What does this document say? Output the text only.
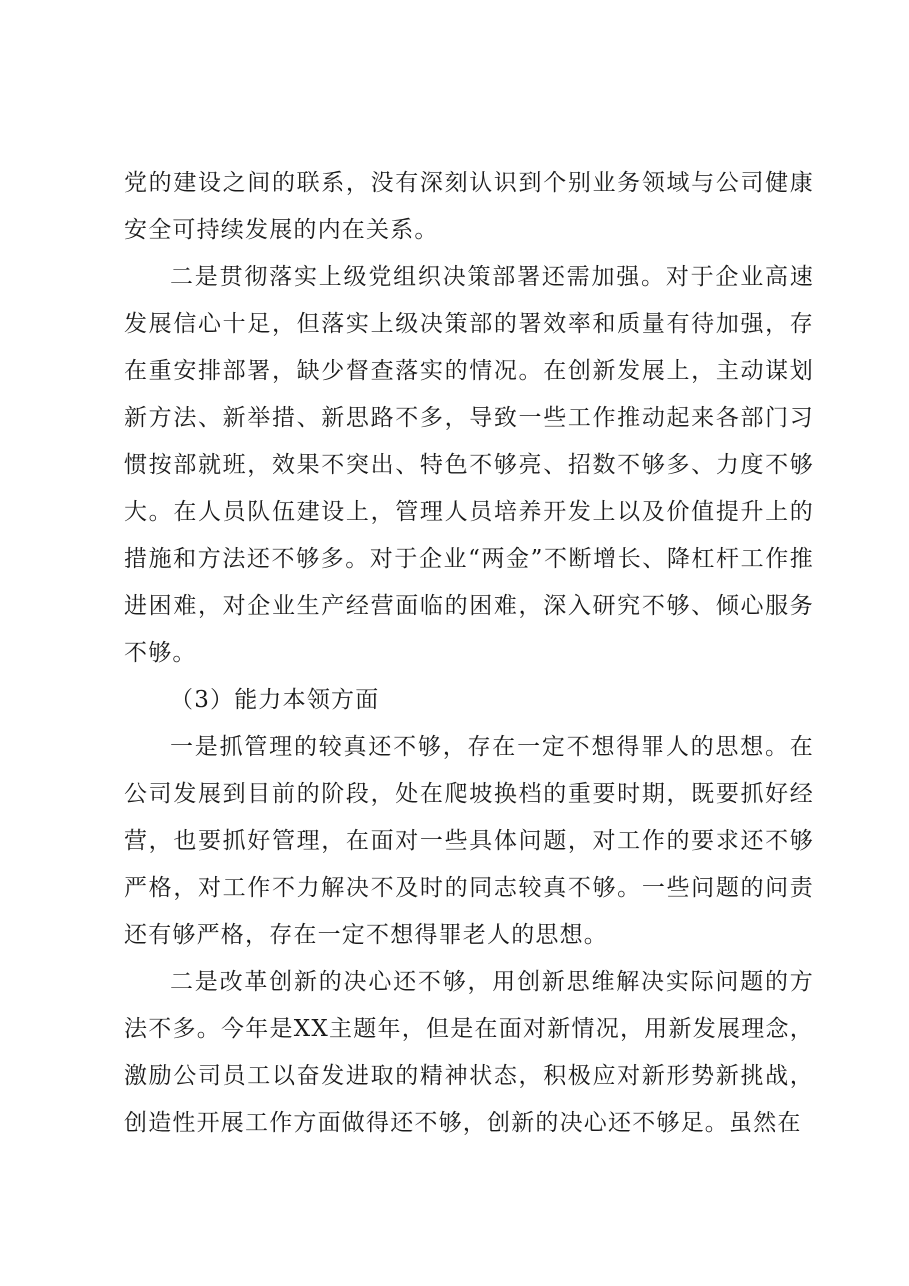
党的建设之间的联系，没有深刻认识到个别业务领域与公司健康安全可持续发展的内在关系。

二是贯彻落实上级党组织决策部署还需加强。对于企业高速发展信心十足，但落实上级决策部的署效率和质量有待加强，存在重安排部署，缺少督查落实的情况。在创新发展上，主动谋划新方法、新举措、新思路不多，导致一些工作推动起来各部门习惯按部就班，效果不突出、特色不够亮、招数不够多、力度不够大。在人员队伍建设上，管理人员培养开发上以及价值提升上的措施和方法还不够多。对于企业“两金”不断增长、降杠杆工作推进困难，对企业生产经营面临的困难，深入研究不够、倾心服务不够。

（3）能力本领方面

一是抓管理的较真还不够，存在一定不想得罪人的思想。在公司发展到目前的阶段，处在爬坡换档的重要时期，既要抓好经营，也要抓好管理，在面对一些具体问题，对工作的要求还不够严格，对工作不力解决不及时的同志较真不够。一些问题的问责还有够严格，存在一定不想得罪老人的思想。

二是改革创新的决心还不够，用创新思维解决实际问题的方法不多。今年是XX主题年，但是在面对新情况，用新发展理念，激励公司员工以奋发进取的精神状态，积极应对新形势新挑战，创造性开展工作方面做得还不够，创新的决心还不够足。虽然在
